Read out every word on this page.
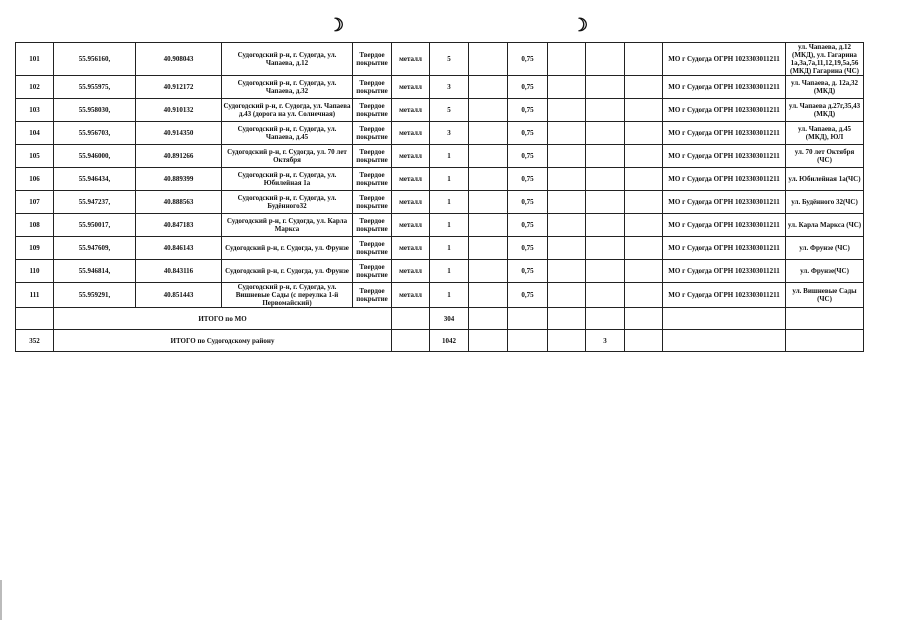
☽	☽
101	55.956160,	40.908043	Судогодский р-н, г. Судогда, ул. Чапаева, д.12	Твердое покрытие	металл	5		0,75				МО г Судогда ОГРН 1023303011211	ул. Чапаева, д.12 (МКД), ул. Гагарина 1а,3а,7а,11,12,19,5а,56 (МКД) Гагарина (ЧС)
102	55.955975,	40.912172	Судогодский р-н, г. Судогда, ул. Чапаева, д.32	Твердое покрытие	металл	3		0,75				МО г Судогда ОГРН 1023303011211	ул. Чапаева, д. 12а,32 (МКД)
103	55.958030,	40.910132	Судогодский р-н, г. Судогда, ул. Чапаева д.43 (дорога на ул. Солнечная)	Твердое покрытие	металл	5		0,75				МО г Судогда ОГРН 1023303011211	ул. Чапаева д.27г,35,43 (МКД)
104	55.956703,	40.914350	Судогодский р-н, г. Судогда, ул. Чапаева, д.45	Твердое покрытие	металл	3		0,75				МО г Судогда ОГРН 1023303011211	ул. Чапаева, д.45 (МКД), ЮЛ
105	55.946000,	40.891266	Судогодский р-н, г. Судогда, ул. 70 лет Октября	Твердое покрытие	металл	1		0,75				МО г Судогда ОГРН 1023303011211	ул. 70 лет Октября (ЧС)
106	55.946434,	40.889399	Судогодский р-н, г. Судогда, ул. Юбилейная 1а	Твердое покрытие	металл	1		0,75				МО г Судогда ОГРН 1023303011211	ул. Юбилейная 1а(ЧС)
107	55.947237,	40.888563	Судогодский р-н, г. Судогда, ул. Будённого32	Твердое покрытие	металл	1		0,75				МО г Судогда ОГРН 1023303011211	ул. Будённого 32(ЧС)
108	55.950017,	40.847183	Судогодский р-н, г. Судогда, ул. Карла Маркса	Твердое покрытие	металл	1		0,75				МО г Судогда ОГРН 1023303011211	ул. Карла Маркса (ЧС)
109	55.947609,	40.846143	Судогодский р-н, г. Судогда, ул. Фрунзе	Твердое покрытие	металл	1		0,75				МО г Судогда ОГРН 1023303011211	ул. Фрунзе (ЧС)
110	55.946814,	40.843116	Судогодский р-н, г. Судогда, ул. Фрунзе	Твердое покрытие	металл	1		0,75				МО г Судогда ОГРН 1023303011211	ул. Фрунзе(ЧС)
111	55.959291,	40.851443	Судогодский р-н, г. Судогда, ул. Вишневые Сады (с переулка 1-й Первомайский)	Твердое покрытие	металл	1		0,75				МО г Судогда ОГРН 1023303011211	ул. Вишневые Сады (ЧС)
	ИТОГО по МО					304							
352	ИТОГО по Судогодскому району					1042				3			
